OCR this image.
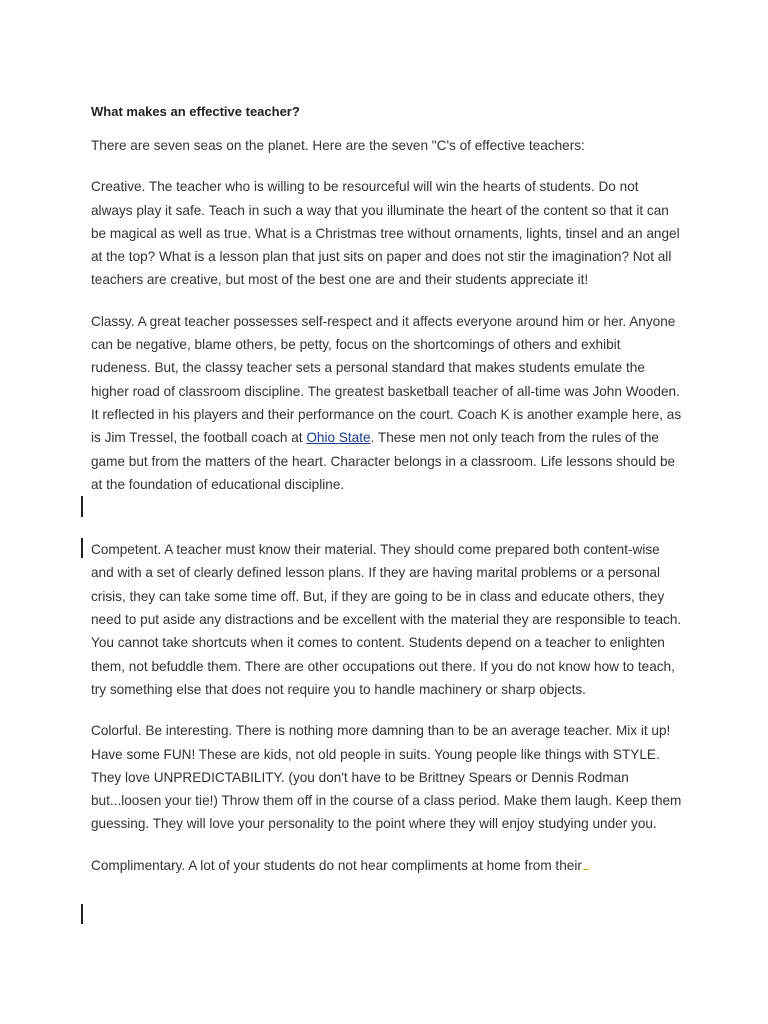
What makes an effective teacher?

There are seven seas on the planet. Here are the seven "C's of effective teachers:

Creative. The teacher who is willing to be resourceful will win the hearts of students. Do not always play it safe. Teach in such a way that you illuminate the heart of the content so that it can be magical as well as true. What is a Christmas tree without ornaments, lights, tinsel and an angel at the top? What is a lesson plan that just sits on paper and does not stir the imagination? Not all teachers are creative, but most of the best one are and their students appreciate it!

Classy. A great teacher possesses self-respect and it affects everyone around him or her. Anyone can be negative, blame others, be petty, focus on the shortcomings of others and exhibit rudeness. But, the classy teacher sets a personal standard that makes students emulate the higher road of classroom discipline. The greatest basketball teacher of all-time was John Wooden. It reflected in his players and their performance on the court. Coach K is another example here, as is Jim Tressel, the football coach at Ohio State. These men not only teach from the rules of the game but from the matters of the heart. Character belongs in a classroom. Life lessons should be at the foundation of educational discipline.

Competent. A teacher must know their material. They should come prepared both content-wise and with a set of clearly defined lesson plans. If they are having marital problems or a personal crisis, they can take some time off. But, if they are going to be in class and educate others, they need to put aside any distractions and be excellent with the material they are responsible to teach. You cannot take shortcuts when it comes to content. Students depend on a teacher to enlighten them, not befuddle them. There are other occupations out there. If you do not know how to teach, try something else that does not require you to handle machinery or sharp objects.

Colorful. Be interesting. There is nothing more damning than to be an average teacher. Mix it up! Have some FUN! These are kids, not old people in suits. Young people like things with STYLE. They love UNPREDICTABILITY. (you don't have to be Brittney Spears or Dennis Rodman but...loosen your tie!) Throw them off in the course of a class period. Make them laugh. Keep them guessing. They will love your personality to the point where they will enjoy studying under you.

Complimentary. A lot of your students do not hear compliments at home from their
